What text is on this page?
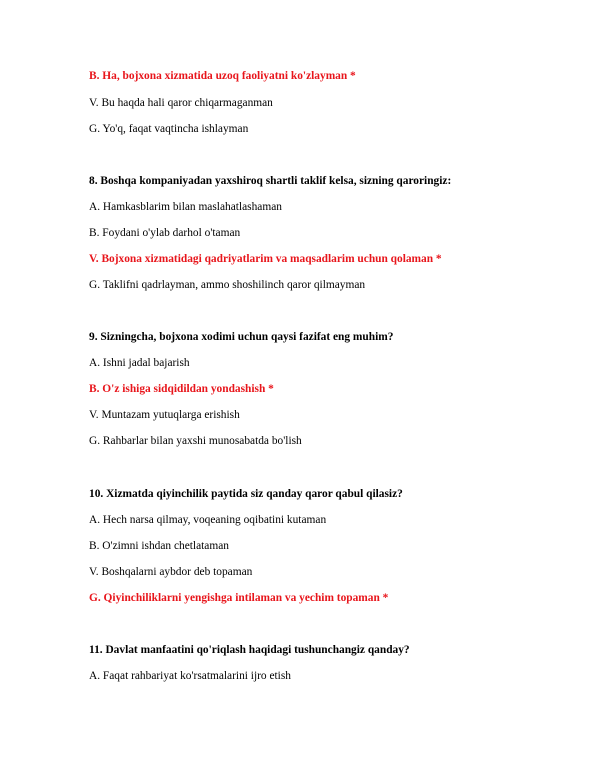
B. Ha, bojxona xizmatida uzoq faoliyatni ko'zlayman *
V. Bu haqda hali qaror chiqarmaganman
G. Yo'q, faqat vaqtincha ishlayman
8. Boshqa kompaniyadan yaxshiroq shartli taklif kelsa, sizning qaroringiz:
A. Hamkasblarim bilan maslahatlashaman
B. Foydani o'ylab darhol o'taman
V. Bojxona xizmatidagi qadriyatlarim va maqsadlarim uchun qolaman *
G. Taklifni qadrlayman, ammo shoshilinch qaror qilmayman
9. Sizningcha, bojxona xodimi uchun qaysi fazifat eng muhim?
A. Ishni jadal bajarish
B. O'z ishiga sidqidildan yondashish *
V. Muntazam yutuqlarga erishish
G. Rahbarlar bilan yaxshi munosabatda bo'lish
10. Xizmatda qiyinchilik paytida siz qanday qaror qabul qilasiz?
A. Hech narsa qilmay, voqeaning oqibatini kutaman
B. O'zimni ishdan chetlataman
V. Boshqalarni aybdor deb topaman
G. Qiyinchiliklarni yengishga intilaman va yechim topaman *
11. Davlat manfaatini qo'riqlash haqidagi tushunchangiz qanday?
A. Faqat rahbariyat ko'rsatmalarini ijro etish
